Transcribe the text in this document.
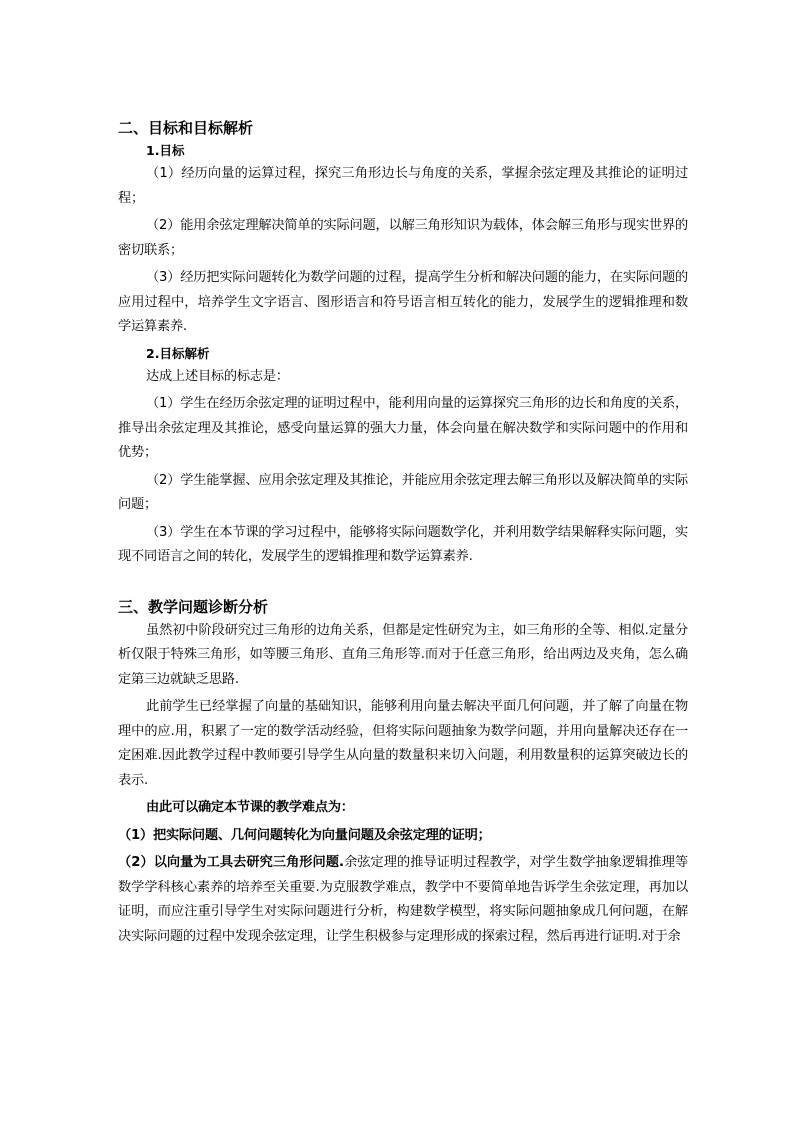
二、目标和目标解析

1.目标

（1）经历向量的运算过程，探究三角形边长与角度的关系，掌握余弦定理及其推论的证明过程；

（2）能用余弦定理解决简单的实际问题，以解三角形知识为载体，体会解三角形与现实世界的密切联系；

（3）经历把实际问题转化为数学问题的过程，提高学生分析和解决问题的能力，在实际问题的应用过程中，培养学生文字语言、图形语言和符号语言相互转化的能力，发展学生的逻辑推理和数学运算素养.

2.目标解析

达成上述目标的标志是：

（1）学生在经历余弦定理的证明过程中，能利用向量的运算探究三角形的边长和角度的关系，推导出余弦定理及其推论，感受向量运算的强大力量，体会向量在解决数学和实际问题中的作用和优势；

（2）学生能掌握、应用余弦定理及其推论，并能应用余弦定理去解三角形以及解决简单的实际问题；

（3）学生在本节课的学习过程中，能够将实际问题数学化，并利用数学结果解释实际问题，实现不同语言之间的转化，发展学生的逻辑推理和数学运算素养.

三、教学问题诊断分析

虽然初中阶段研究过三角形的边角关系，但都是定性研究为主，如三角形的全等、相似.定量分析仅限于特殊三角形，如等腰三角形、直角三角形等.而对于任意三角形，给出两边及夹角，怎么确定第三边就缺乏思路.

此前学生已经掌握了向量的基础知识，能够利用向量去解决平面几何问题，并了解了向量在物理中的应.用，积累了一定的数学活动经验，但将实际问题抽象为数学问题，并用向量解决还存在一定困难.因此教学过程中教师要引导学生从向量的数量积来切入问题，利用数量积的运算突破边长的表示.

由此可以确定本节课的教学难点为：

（1）把实际问题、几何问题转化为向量问题及余弦定理的证明；

（2）以向量为工具去研究三角形问题.余弦定理的推导证明过程教学，对学生数学抽象逻辑推理等数学学科核心素养的培养至关重要.为克服教学难点，教学中不要简单地告诉学生余弦定理，再加以证明，而应注重引导学生对实际问题进行分析，构建数学模型，将实际问题抽象成几何问题，在解决实际问题的过程中发现余弦定理，让学生积极参与定理形成的探索过程，然后再进行证明.对于余
